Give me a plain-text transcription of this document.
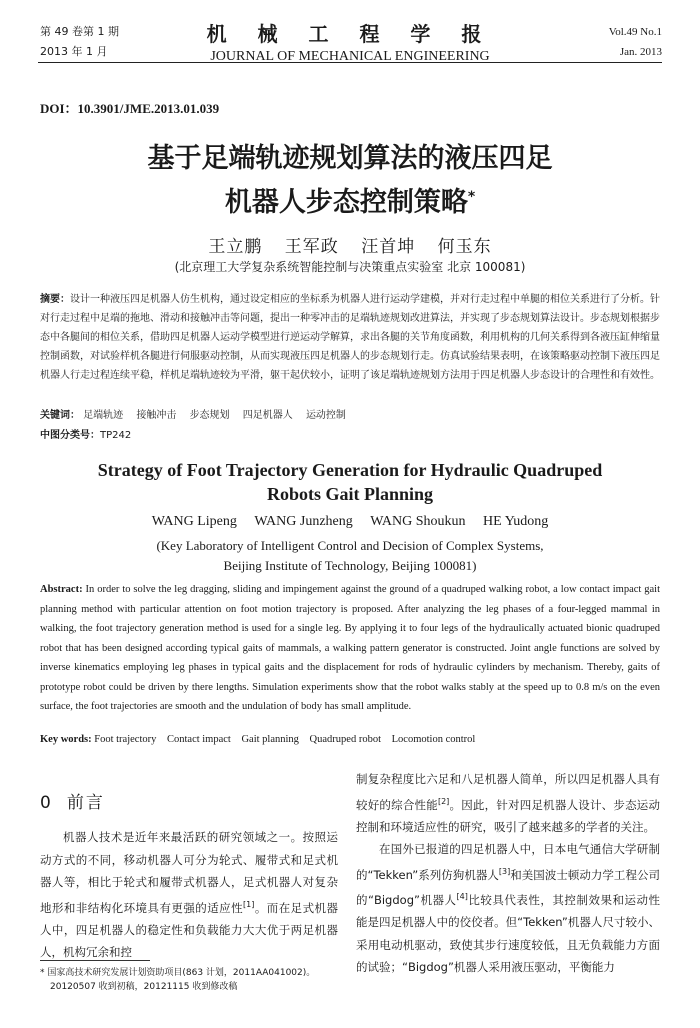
第 49 卷第 1 期
2013 年 1 月
机 械 工 程 学 报
JOURNAL OF MECHANICAL ENGINEERING
Vol.49 No.1
Jan. 2013
DOI：10.3901/JME.2013.01.039
基于足端轨迹规划算法的液压四足
机器人步态控制策略*
王立鹏 王军政 汪首坤 何玉东
(北京理工大学复杂系统智能控制与决策重点实验室 北京 100081)
摘要：设计一种液压四足机器人仿生机构，通过设定相应的坐标系为机器人进行运动学建模，并对行走过程中单腿的相位关系进行了分析。针对行走过程中足端的拖地、滑动和接触冲击等问题，提出一种零冲击的足端轨迹规划改进算法，并实现了步态规划算法设计。步态规划根据步态中各腿间的相位关系，借助四足机器人运动学模型进行逆运动学解算，求出各腿的关节角度函数，利用机构的几何关系得到各液压缸伸缩量控制函数，对试验样机各腿进行伺服驱动控制，从而实现液压四足机器人的步态规划行走。仿真试验结果表明，在该策略驱动控制下液压四足机器人行走过程连续平稳，样机足端轨迹较为平滑，躯干起伏较小，证明了该足端轨迹规划方法用于四足机器人步态设计的合理性和有效性。
关键词： 足端轨迹 接触冲击 步态规划 四足机器人 运动控制
中图分类号：TP242
Strategy of Foot Trajectory Generation for Hydraulic Quadruped
Robots Gait Planning
WANG Lipeng WANG Junzheng WANG Shoukun HE Yudong
(Key Laboratory of Intelligent Control and Decision of Complex Systems,
Beijing Institute of Technology, Beijing 100081)
Abstract: In order to solve the leg dragging, sliding and impingement against the ground of a quadruped walking robot, a low contact impact gait planning method with particular attention on foot motion trajectory is proposed. After analyzing the leg phases of a four-legged mammal in walking, the foot trajectory generation method is used for a single leg. By applying it to four legs of the hydraulically actuated bionic quadruped robot that has been designed according typical gaits of mammals, a walking pattern generator is constructed. Joint angle functions are solved by inverse kinematics employing leg phases in typical gaits and the displacement for rods of hydraulic cylinders by mechanism. Thereby, gaits of prototype robot could be driven by there lengths. Simulation experiments show that the robot walks stably at the speed up to 0.8 m/s on the even surface, the foot trajectories are smooth and the undulation of body has small amplitude.
Key words: Foot trajectory Contact impact Gait planning Quadruped robot Locomotion control
0 前言

机器人技术是近年来最活跃的研究领域之一。按照运动方式的不同，移动机器人可分为轮式、履带式和足式机器人等，相比于轮式和履带式机器人，足式机器人对复杂地形和非结构化环境具有更强的适应性[1]。而在足式机器人中，四足机器人的稳定性和负载能力大大优于两足机器人，机构冗余和控

制复杂程度比六足和八足机器人简单，所以四足机器人具有较好的综合性能[2]。因此，针对四足机器人设计、步态运动控制和环境适应性的研究，吸引了越来越多的学者的关注。

在国外已报道的四足机器人中，日本电气通信大学研制的“Tekken”系列仿狗机器人[3]和美国波士顿动力学工程公司的“Bigdog”机器人[4]比较具代表性，其控制效果和运动性能是四足机器人中的佼佼者。但“Tekken”机器人尺寸较小、采用电动机驱动，致使其步行速度较低，且无负载能力方面的试验；“Bigdog”机器人采用液压驱动，平衡能力

* 国家高技术研究发展计划资助项目(863 计划，2011AA041002)。
20120507 收到初稿，20121115 收到修改稿
